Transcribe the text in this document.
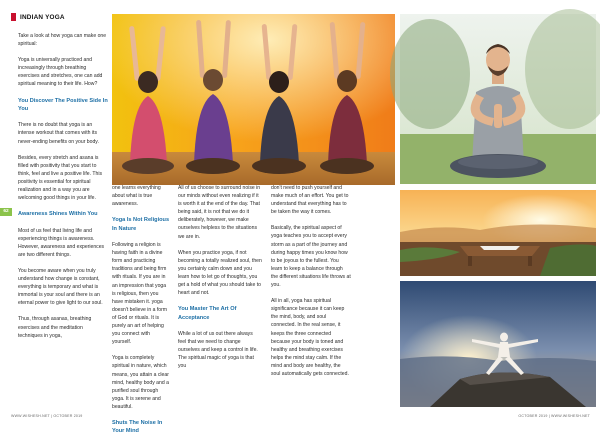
INDIAN YOGA
62

Take a look at how yoga can make one spiritual:

Yoga is universally practiced and increasingly through breathing exercises and stretches, one can add spiritual meaning to their life. How?

You Discover The Positive Side In You

There is no doubt that yoga is an intense workout that comes with its never-ending benefits on your body.

Besides, every stretch and asana is filled with positivity that you start to think, feel and live a positive life. This positivity is essential for spiritual realization and in a way you are welcoming good things in your life.

Awareness Shines Within You

Most of us feel that living life and experiencing things is awareness. However, awareness and experiences are two different things.

You become aware when you truly understand how change is constant, everything is temporary and what is immortal is your soul and there is an eternal power to give light to our soul.

Thus, through asanas, breathing exercises and the meditation techniques in yoga,

one learns everything about what is true awareness.

Yoga Is Not Religious In Nature

Following a religion is having faith in a divine form and practicing traditions and being firm with rituals. If you are in an impression that yoga is religious, then you have mistaken it. yoga doesn't believe in a form of God or rituals. It is purely an art of helping you connect with yourself.

Yoga is completely spiritual in nature, which means, you attain a clear mind, healthy body and a purified soul through yoga. It is serene and beautiful.

Shuts The Noise In Your Mind

All of us choose to surround noise in our minds without even realizing if it is worth it at the end of the day. That being said, it is not that we do it deliberately, however, we make ourselves helpless to the situations we are in.

When you practice yoga, if not becoming a totally realized soul, then you certainly calm down and you learn how to let go of thoughts, you get a hold of what you should take to heart and not.

You Master The Art Of Acceptance

While a lot of us out there always feel that we need to change ourselves and keep a control in life. The spiritual magic of yoga is that you

don't need to push yourself and make much of an effort. You get to understand that everything has to be taken the way it comes.

Basically, the spiritual aspect of yoga teaches you to accept every storm as a part of the journey and during happy times you know how to be joyous to the fullest. You learn to keep a balance through the different situations life throws at you.

All in all, yoga has spiritual significance because it can keep the mind, body, and soul connected. In the real sense, it keeps the three connected because your body is toned and healthy and breathing exercises helps the mind stay calm. If the mind and body are healthy, the soul automatically gets connected.

WWW.WISHESH.NET | OCTOBER 2019	OCTOBER 2019 | WWW.WISHESH.NET
